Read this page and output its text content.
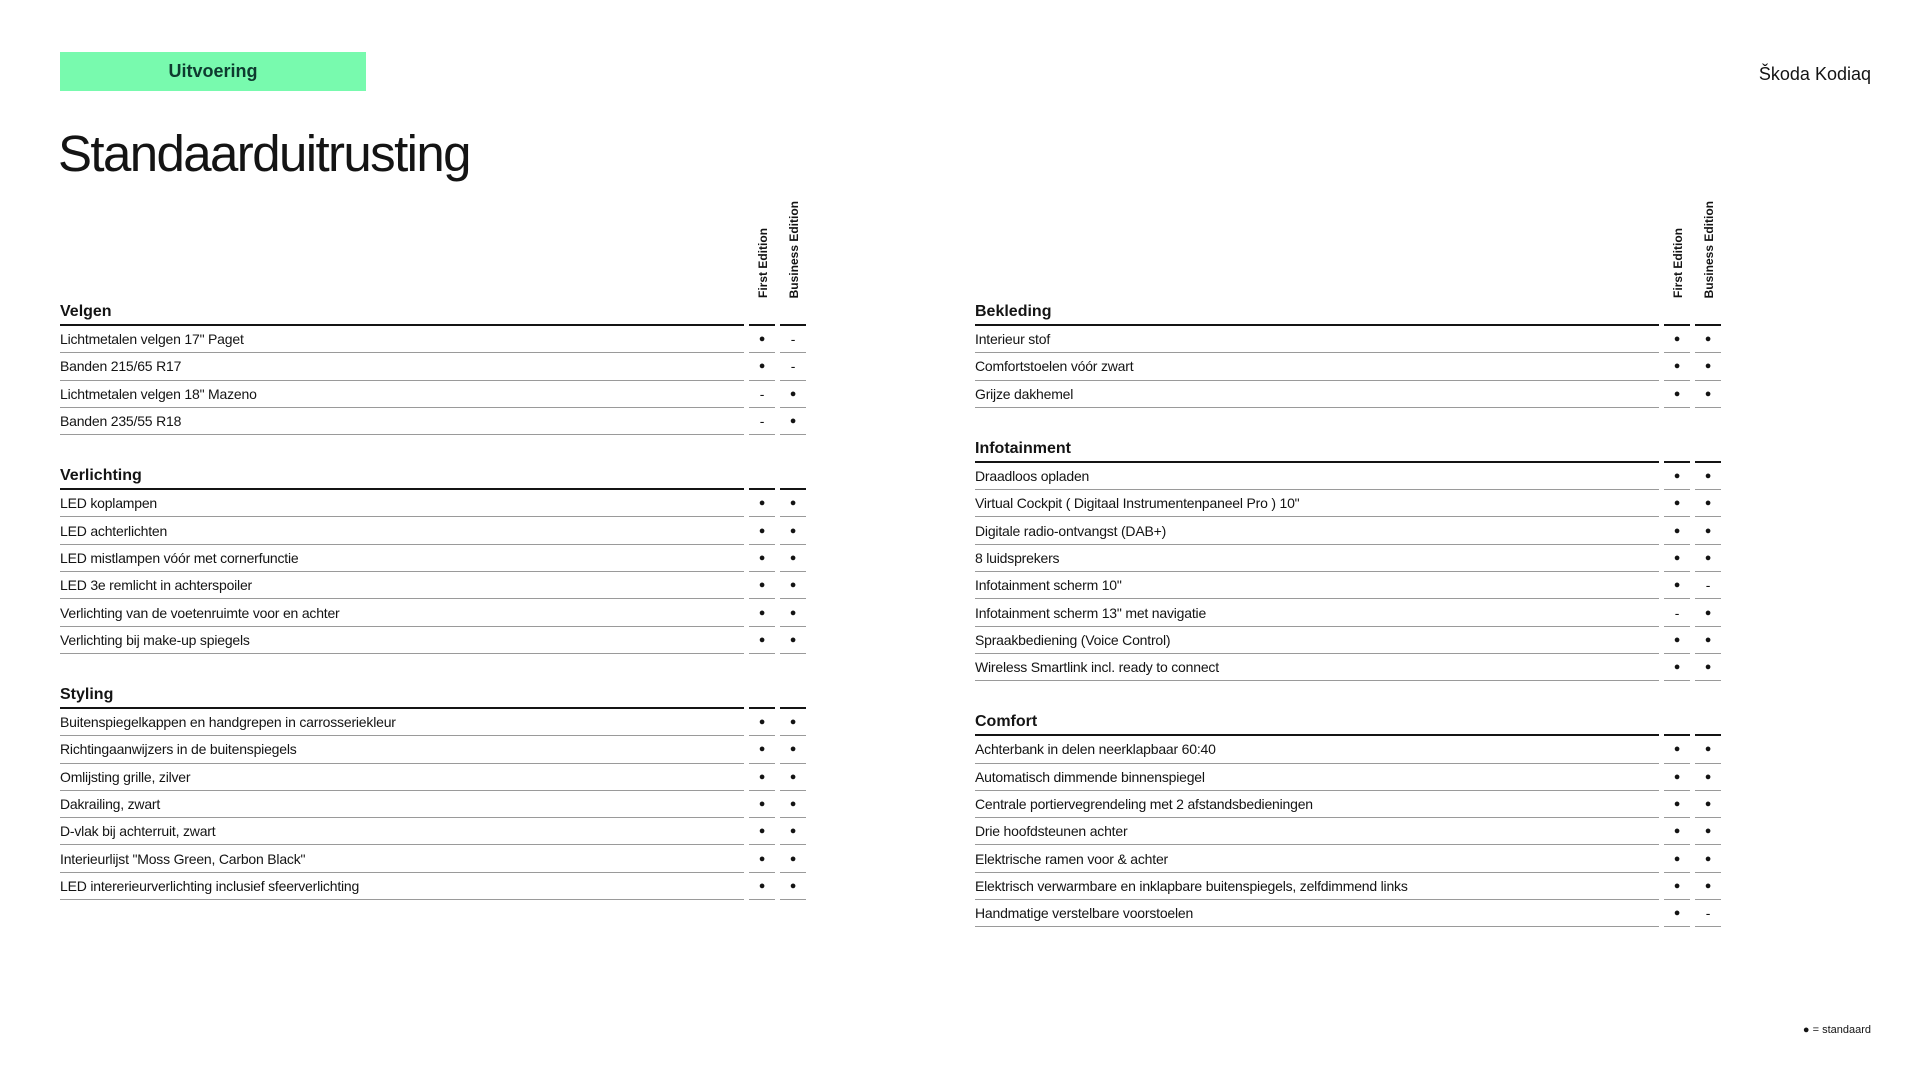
Uitvoering	Škoda Kodiaq
Standaarduitrusting
First Edition Business Edition
Velgen
Lichtmetalen velgen 17" Paget	●	-
Banden 215/65 R17	●	-
Lichtmetalen velgen 18" Mazeno	-	●
Banden 235/55 R18	-	●
Verlichting
LED koplampen	●	●
LED achterlichten	●	●
LED mistlampen vóór met cornerfunctie	●	●
LED 3e remlicht in achterspoiler	●	●
Verlichting van de voetenruimte voor en achter	●	●
Verlichting bij make-up spiegels	●	●
Styling
Buitenspiegelkappen en handgrepen in carrosseriekleur	●	●
Richtingaanwijzers in de buitenspiegels	●	●
Omlijsting grille, zilver	●	●
Dakrailing, zwart	●	●
D-vlak bij achterruit, zwart	●	●
Interieurlijst "Moss Green, Carbon Black"	●	●
LED intererieurverlichting inclusief sfeerverlichting	●	●
First Edition Business Edition
Bekleding
Interieur stof	●	●
Comfortstoelen vóór zwart	●	●
Grijze dakhemel	●	●
Infotainment
Draadloos opladen	●	●
Virtual Cockpit ( Digitaal Instrumentenpaneel Pro ) 10"	●	●
Digitale radio-ontvangst (DAB+)	●	●
8 luidsprekers	●	●
Infotainment scherm 10"	●	-
Infotainment scherm 13" met navigatie	-	●
Spraakbediening (Voice Control)	●	●
Wireless Smartlink incl. ready to connect	●	●
Comfort
Achterbank in delen neerklapbaar 60:40	●	●
Automatisch dimmende binnenspiegel	●	●
Centrale portiervegrendeling met 2 afstandsbedieningen	●	●
Drie hoofdsteunen achter	●	●
Elektrische ramen voor & achter	●	●
Elektrisch verwarmbare en inklapbare buitenspiegels, zelfdimmend links	●	●
Handmatige verstelbare voorstoelen	●	-
● = standaard
